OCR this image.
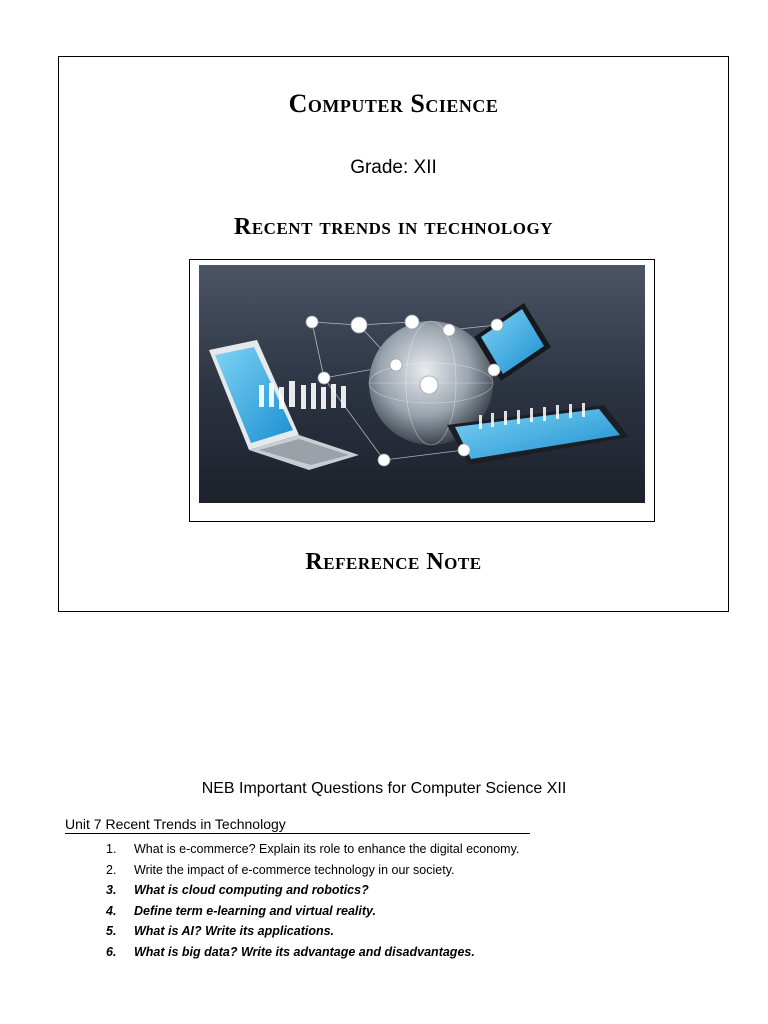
Computer Science
Grade: XII
Recent trends in technology
Reference Note
NEB Important Questions for Computer Science XII
Unit 7 Recent Trends in Technology
1. What is e-commerce? Explain its role to enhance the digital economy.
2. Write the impact of e-commerce technology in our society.
3. What is cloud computing and robotics?
4. Define term e-learning and virtual reality.
5. What is AI? Write its applications.
6. What is big data? Write its advantage and disadvantages.
